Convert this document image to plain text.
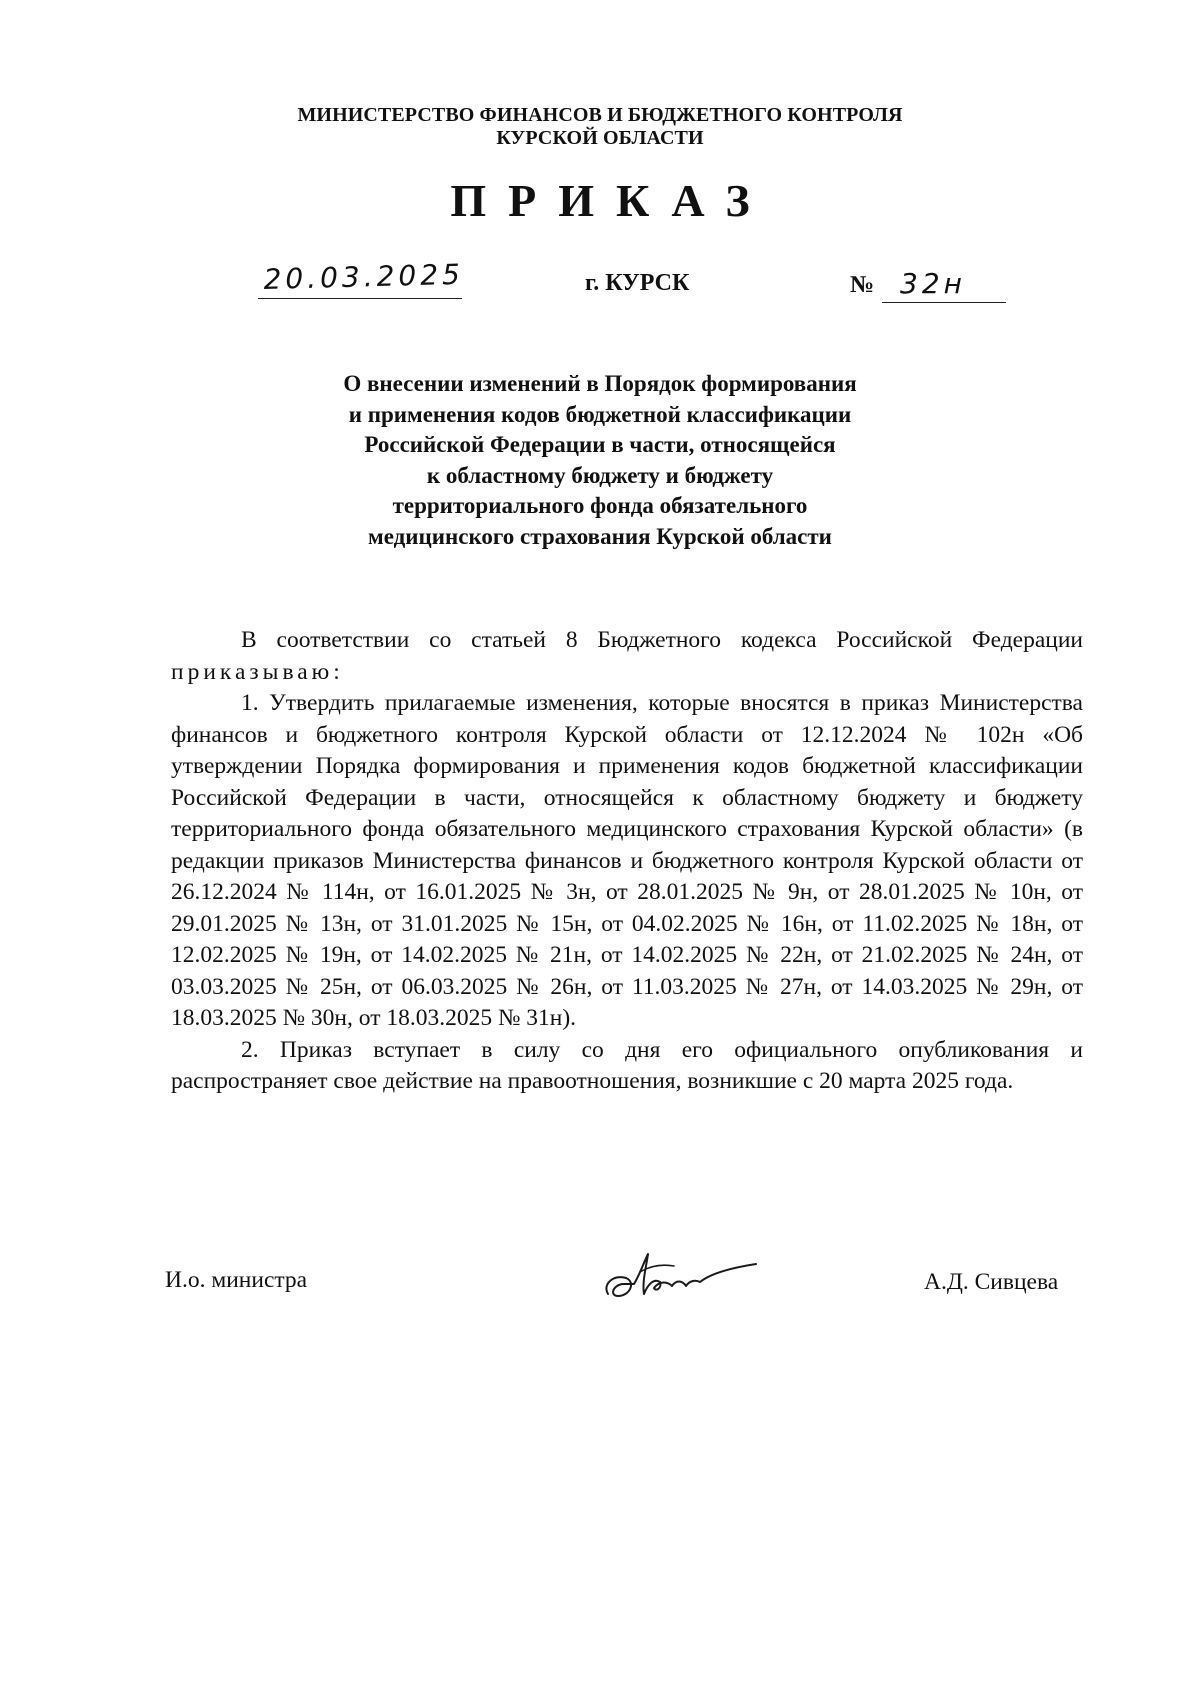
МИНИСТЕРСТВО ФИНАНСОВ И БЮДЖЕТНОГО КОНТРОЛЯ
КУРСКОЙ ОБЛАСТИ
ПРИКАЗ
20.03.2025	г. КУРСК	№ 32н
О внесении изменений в Порядок формирования
и применения кодов бюджетной классификации
Российской Федерации в части, относящейся
к областному бюджету и бюджету
территориального фонда обязательного
медицинского страхования Курской области

В соответствии со статьей 8 Бюджетного кодекса Российской Федерации приказываю:

1. Утвердить прилагаемые изменения, которые вносятся в приказ Министерства финансов и бюджетного контроля Курской области от 12.12.2024 № 102н «Об утверждении Порядка формирования и применения кодов бюджетной классификации Российской Федерации в части, относящейся к областному бюджету и бюджету территориального фонда обязательного медицинского страхования Курской области» (в редакции приказов Министерства финансов и бюджетного контроля Курской области от 26.12.2024 № 114н, от 16.01.2025 № 3н, от 28.01.2025 № 9н, от 28.01.2025 № 10н, от 29.01.2025 № 13н, от 31.01.2025 № 15н, от 04.02.2025 № 16н, от 11.02.2025 № 18н, от 12.02.2025 № 19н, от 14.02.2025 № 21н, от 14.02.2025 № 22н, от 21.02.2025 № 24н, от 03.03.2025 № 25н, от 06.03.2025 № 26н, от 11.03.2025 № 27н, от 14.03.2025 № 29н, от 18.03.2025 № 30н, от 18.03.2025 № 31н).

2. Приказ вступает в силу со дня его официального опубликования и распространяет свое действие на правоотношения, возникшие с 20 марта 2025 года.

И.о. министра	А.Д. Сивцева
